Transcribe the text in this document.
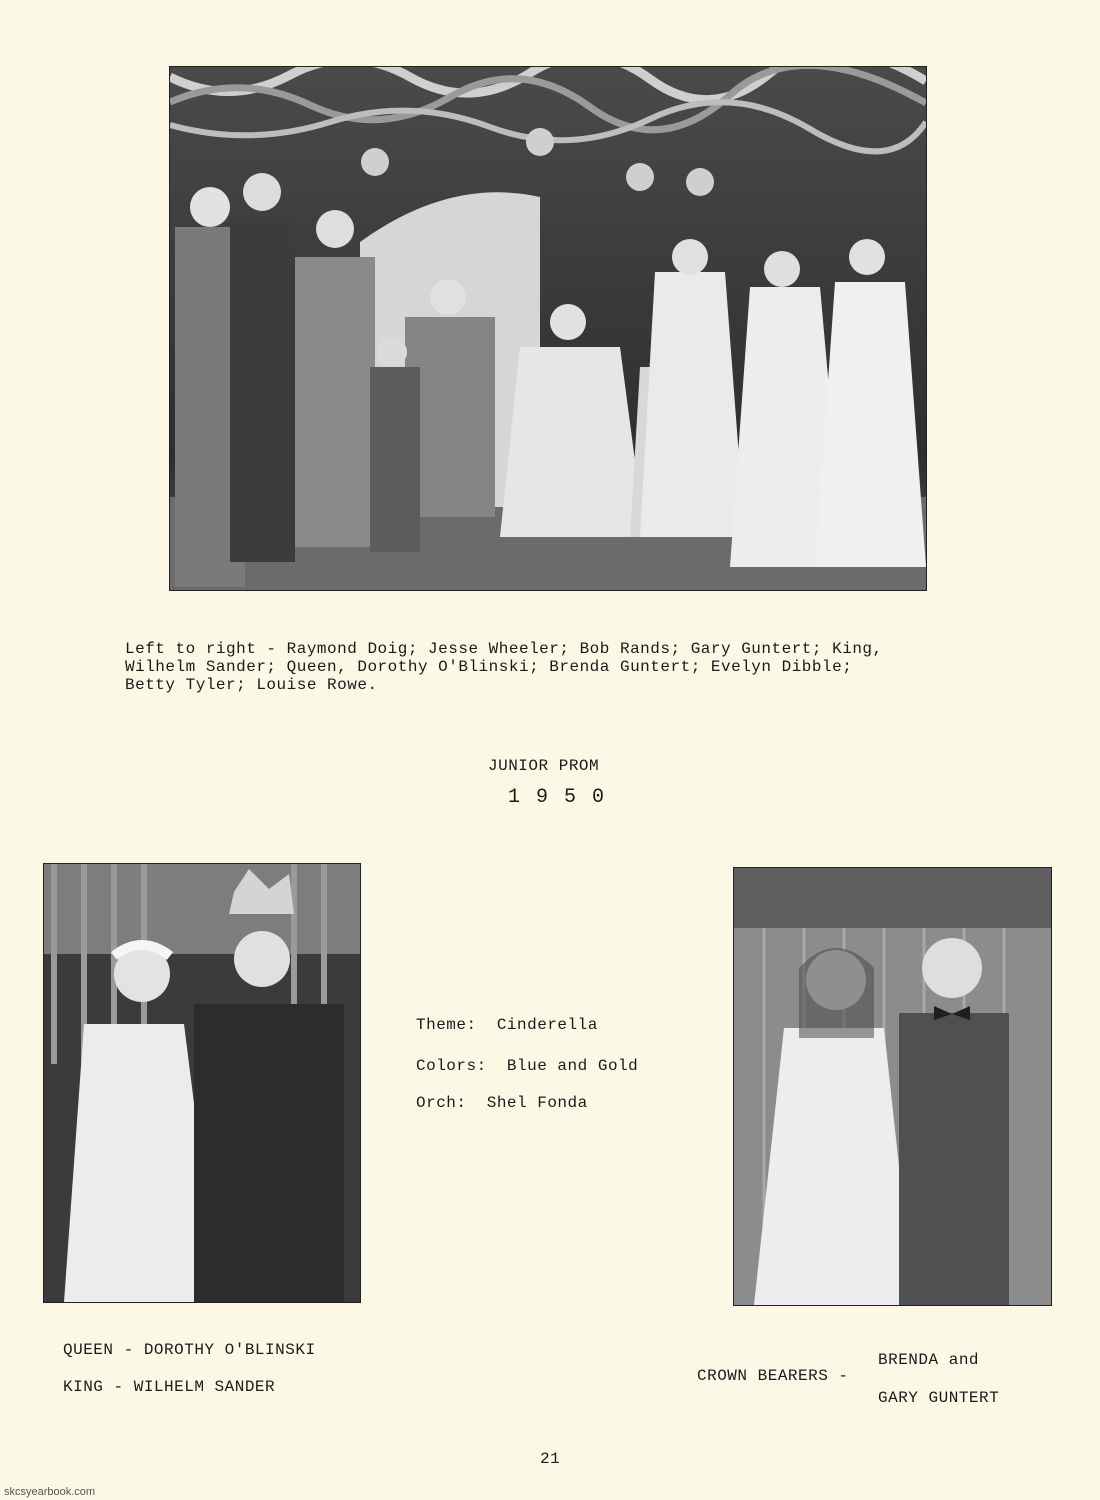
Left to right - Raymond Doig; Jesse Wheeler; Bob Rands; Gary Guntert; King,
Wilhelm Sander; Queen, Dorothy O'Blinski; Brenda Guntert; Evelyn Dibble;
Betty Tyler; Louise Rowe.
JUNIOR PROM
1 9 5 0
Theme: Cinderella
Colors: Blue and Gold
Orch: Shel Fonda
QUEEN - DOROTHY O'BLINSKI
KING - WILHELM SANDER
CROWN BEARERS -
BRENDA and
GARY GUNTERT
21
skcsyearbook.com
